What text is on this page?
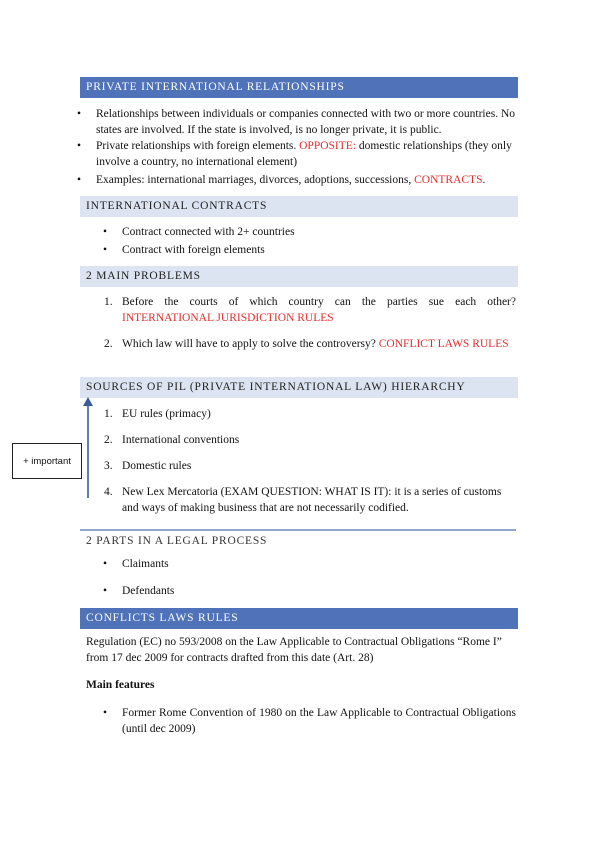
PRIVATE INTERNATIONAL RELATIONSHIPS
• Relationships between individuals or companies connected with two or more countries. No states are involved. If the state is involved, is no longer private, it is public.
• Private relationships with foreign elements. OPPOSITE: domestic relationships (they only involve a country, no international element)
• Examples: international marriages, divorces, adoptions, successions, CONTRACTS.
INTERNATIONAL CONTRACTS
• Contract connected with 2+ countries
• Contract with foreign elements
2 MAIN PROBLEMS
1. Before the courts of which country can the parties sue each other? INTERNATIONAL JURISDICTION RULES
2. Which law will have to apply to solve the controversy? CONFLICT LAWS RULES
SOURCES OF PIL (PRIVATE INTERNATIONAL LAW) HIERARCHY
+ important
1. EU rules (primacy)
2. International conventions
3. Domestic rules
4. New Lex Mercatoria (EXAM QUESTION: WHAT IS IT): it is a series of customs and ways of making business that are not necessarily codified.
2 PARTS IN A LEGAL PROCESS
• Claimants
• Defendants
CONFLICTS LAWS RULES
Regulation (EC) no 593/2008 on the Law Applicable to Contractual Obligations “Rome I” from 17 dec 2009 for contracts drafted from this date (Art. 28)
Main features
• Former Rome Convention of 1980 on the Law Applicable to Contractual Obligations (until dec 2009)
